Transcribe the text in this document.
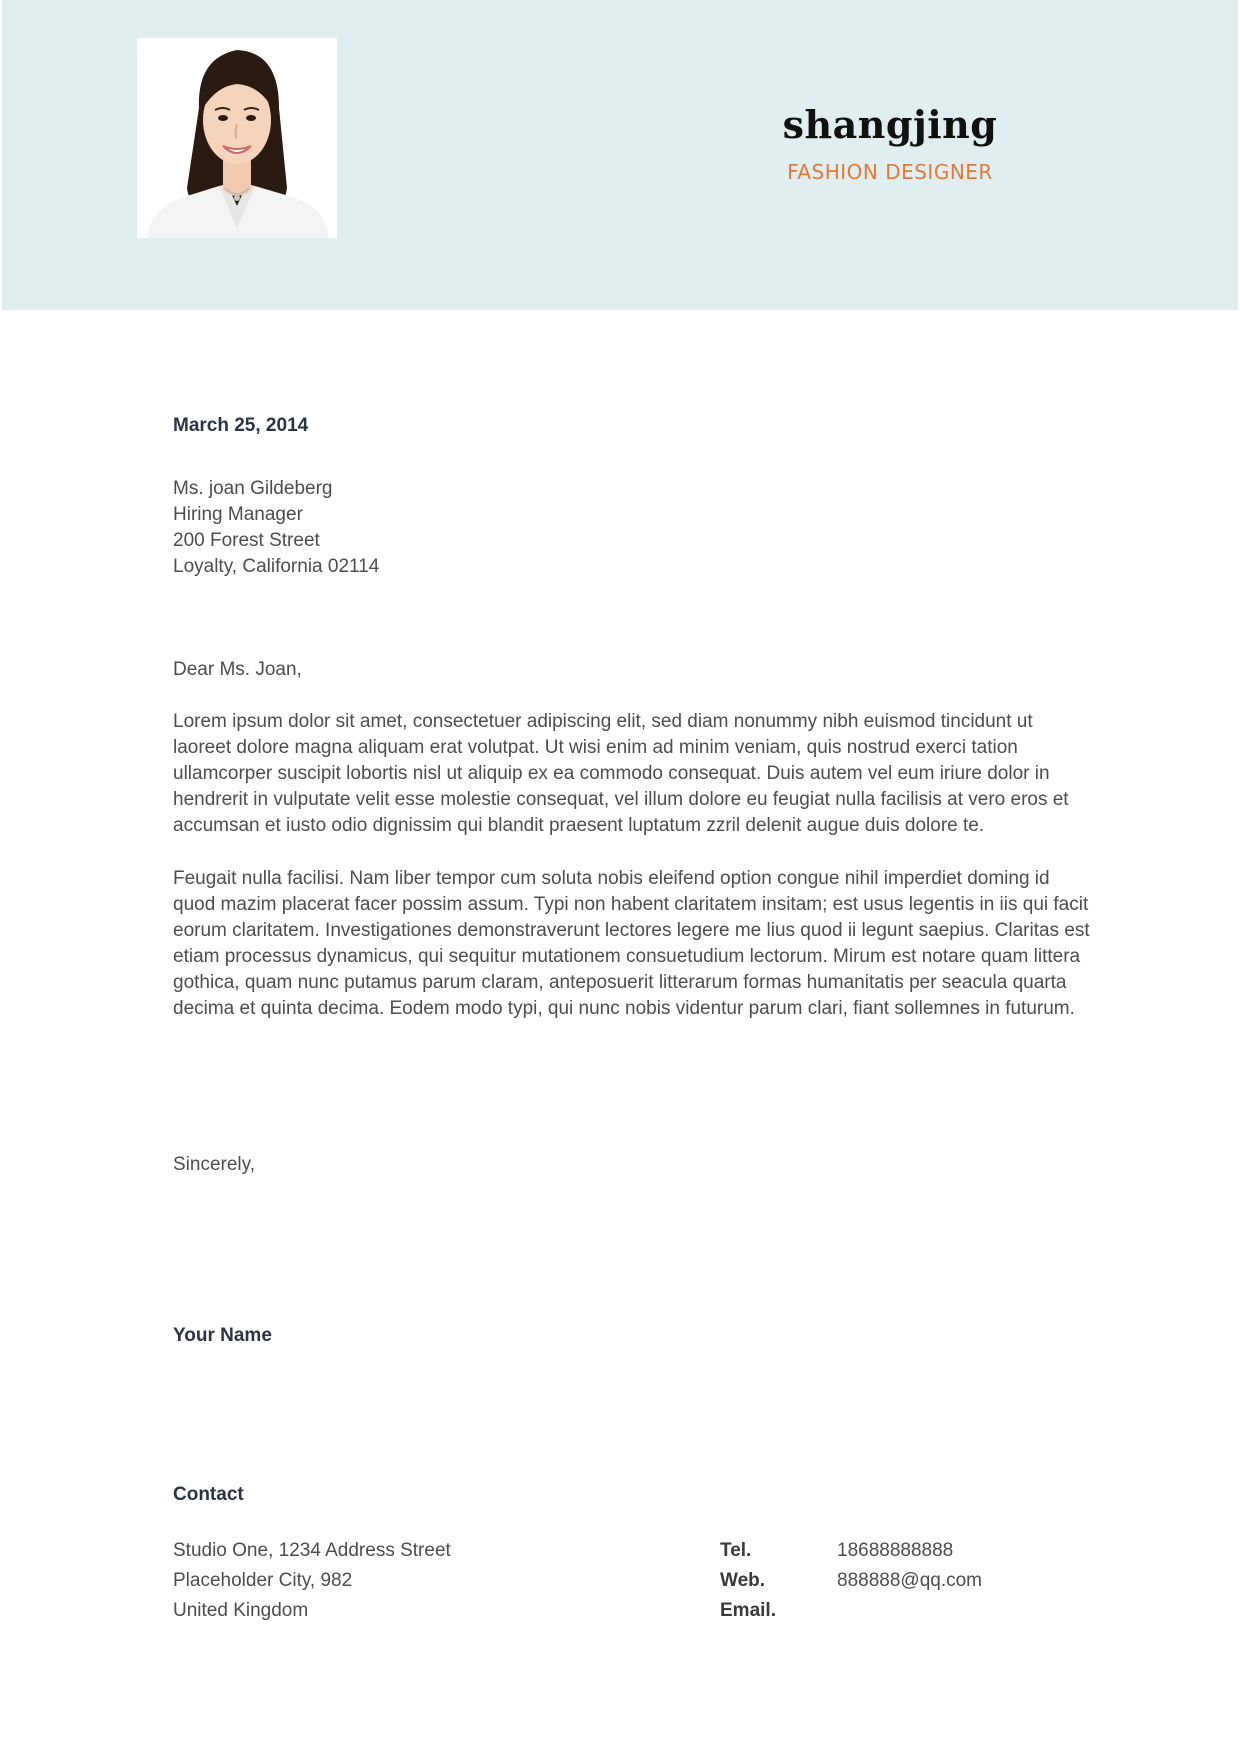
shangjing
FASHION DESIGNER
March 25, 2014

Ms. joan Gildeberg

Hiring Manager

200 Forest Street

Loyalty, California 02114

Dear Ms. Joan,

Lorem ipsum dolor sit amet, consectetuer adipiscing elit, sed diam nonummy nibh euismod tincidunt ut laoreet dolore magna aliquam erat volutpat. Ut wisi enim ad minim veniam, quis nostrud exerci tation ullamcorper suscipit lobortis nisl ut aliquip ex ea commodo consequat. Duis autem vel eum iriure dolor in hendrerit in vulputate velit esse molestie consequat, vel illum dolore eu feugiat nulla facilisis at vero eros et accumsan et iusto odio dignissim qui blandit praesent luptatum zzril delenit augue duis dolore te.

Feugait nulla facilisi. Nam liber tempor cum soluta nobis eleifend option congue nihil imperdiet doming id quod mazim placerat facer possim assum. Typi non habent claritatem insitam; est usus legentis in iis qui facit eorum claritatem. Investigationes demonstraverunt lectores legere me lius quod ii legunt saepius. Claritas est etiam processus dynamicus, qui sequitur mutationem consuetudium lectorum. Mirum est notare quam littera gothica, quam nunc putamus parum claram, anteposuerit litterarum formas humanitatis per seacula quarta decima et quinta decima. Eodem modo typi, qui nunc nobis videntur parum clari, fiant sollemnes in futurum.

Sincerely,
Your Name
Contact

Studio One, 1234 Address Street

Placeholder City, 982

United Kingdom

Tel.	18688888888
Web.	888888@qq.com
Email.
